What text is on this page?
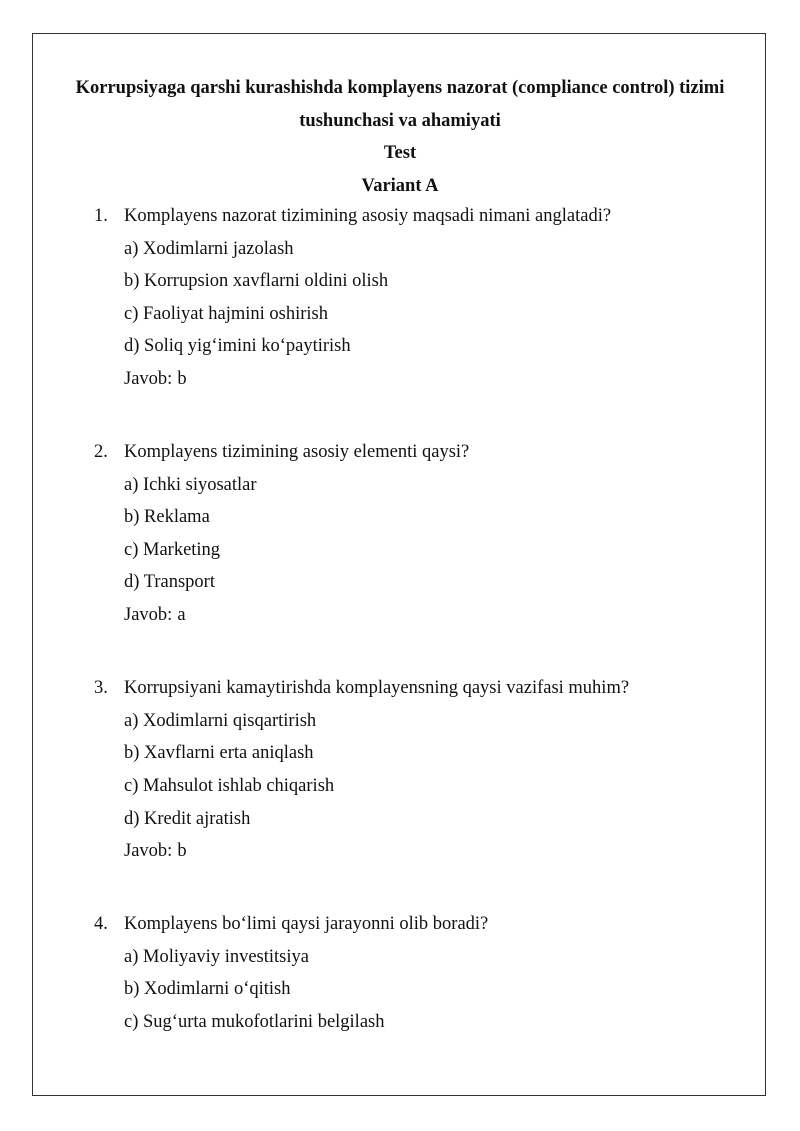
Korrupsiyaga qarshi kurashishda komplayens nazorat (compliance control) tizimi
tushunchasi va ahamiyati
Test
Variant A
1. Komplayens nazorat tizimining asosiy maqsadi nimani anglatadi?
a) Xodimlarni jazolash
b) Korrupsion xavflarni oldini olish
c) Faoliyat hajmini oshirish
d) Soliq yig‘imini ko‘paytirish
Javob: b
2. Komplayens tizimining asosiy elementi qaysi?
a) Ichki siyosatlar
b) Reklama
c) Marketing
d) Transport
Javob: a
3. Korrupsiyani kamaytirishda komplayensning qaysi vazifasi muhim?
a) Xodimlarni qisqartirish
b) Xavflarni erta aniqlash
c) Mahsulot ishlab chiqarish
d) Kredit ajratish
Javob: b
4. Komplayens bo‘limi qaysi jarayonni olib boradi?
a) Moliyaviy investitsiya
b) Xodimlarni o‘qitish
c) Sug‘urta mukofotlarini belgilash
